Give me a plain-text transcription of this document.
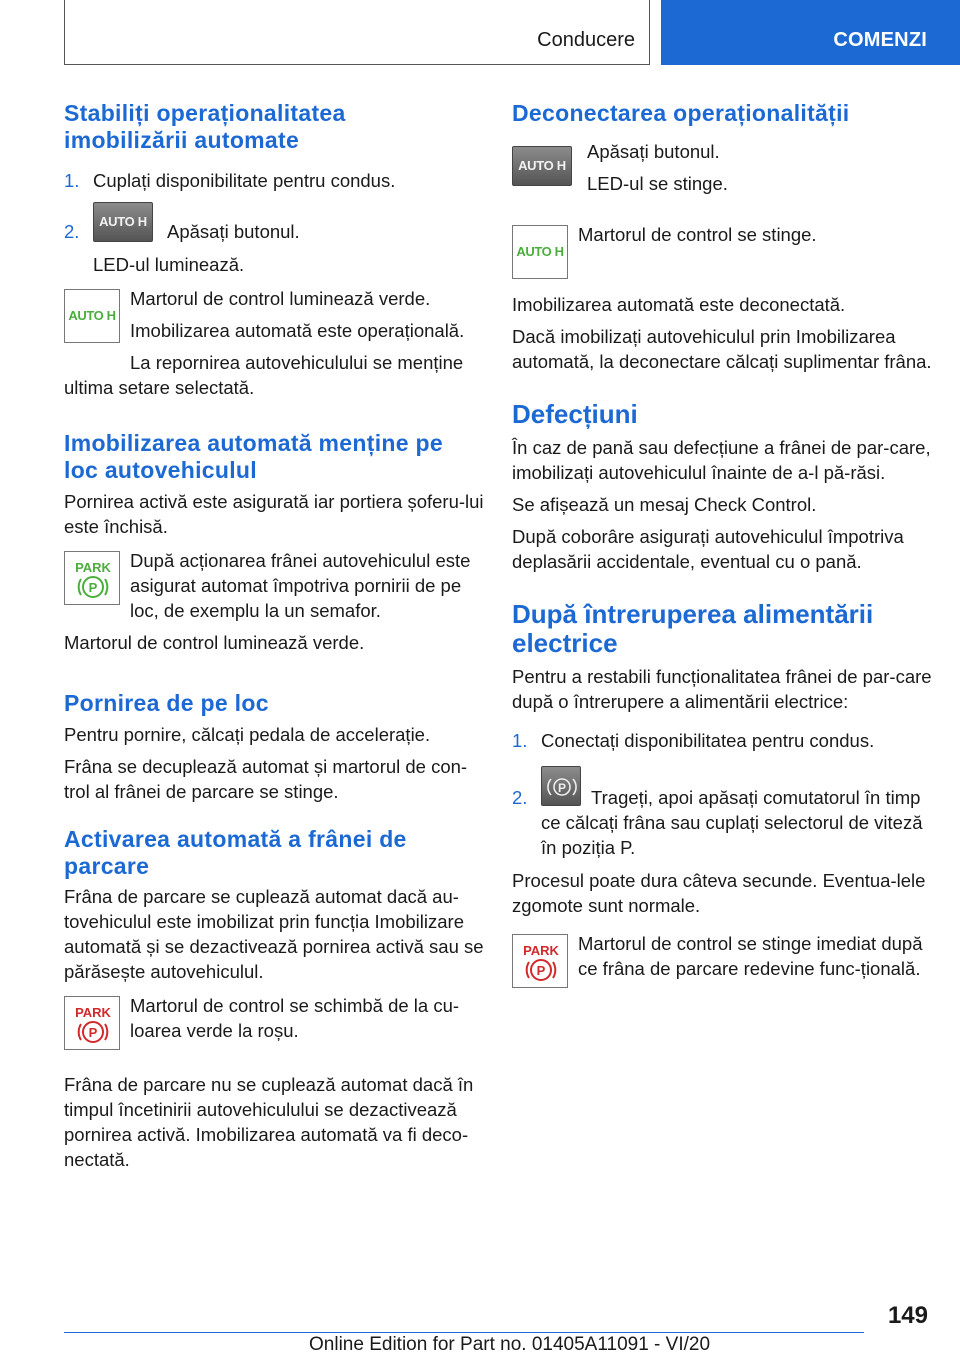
Conducere	COMENZI
Stabiliți operaționalitatea imobilizării automate
1. Cuplați disponibilitate pentru condus.
2.	AUTO H Apăsați butonul.

LED-ul luminează.

AUTO H

Martorul de control luminează verde.

Imobilizarea automată este operațională.

La repornirea autovehiculului se menține ultima setare selectată.

Imobilizarea automată menține pe loc autovehiculul

Pornirea activă este asigurată iar portiera șoferu-lui este închisă.

PARK
P

După acționarea frânei autovehiculul este asigurat automat împotriva pornirii de pe loc, de exemplu la un semafor.

Martorul de control luminează verde.

Pornirea de pe loc

Pentru pornire, călcați pedala de accelerație.

Frâna se decuplează automat și martorul de con-trol al frânei de parcare se stinge.

Activarea automată a frânei de parcare

Frâna de parcare se cuplează automat dacă au-tovehiculul este imobilizat prin funcția Imobilizare automată și se dezactivează pornirea activă sau se părăsește autovehiculul.

PARK
P

Martorul de control se schimbă de la cu-loarea verde la roșu.

Frâna de parcare nu se cuplează automat dacă în timpul încetinirii autovehiculului se dezactivează pornirea activă. Imobilizarea automată va fi deco-nectată.

Deconectarea operaționalității
AUTO H

Apăsați butonul.

LED-ul se stinge.

AUTO H

Martorul de control se stinge.

Imobilizarea automată este deconectată.

Dacă imobilizați autovehiculul prin Imobilizarea automată, la deconectare călcați suplimentar frâna.

Defecțiuni

În caz de pană sau defecțiune a frânei de par-care, imobilizați autovehiculul înainte de a-l pă-răsi.

Se afișează un mesaj Check Control.

După coborâre asigurați autovehiculul împotriva deplasării accidentale, eventual cu o pană.

După întreruperea alimentării electrice

Pentru a restabili funcționalitatea frânei de par-care după o întrerupere a alimentării electrice:

1. Conectați disponibilitatea pentru condus.
2.	P	Trageți, apoi apăsați comutatorul în timp ce călcați frâna sau cuplați selectorul de viteză în poziția P.

Procesul poate dura câteva secunde. Eventua-lele zgomote sunt normale.

PARK
P

Martorul de control se stinge imediat după ce frâna de parcare redevine func-țională.

149
Online Edition for Part no. 01405A11091 - VI/20
